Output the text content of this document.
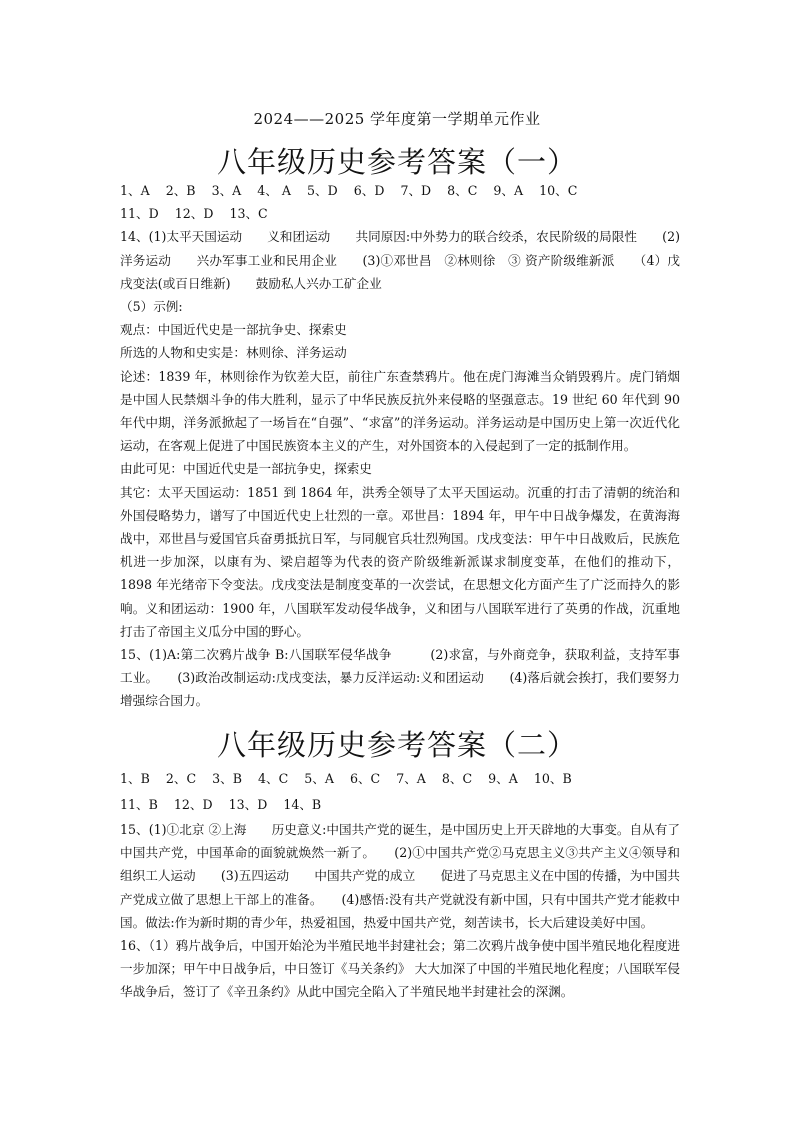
2024——2025 学年度第一学期单元作业
八年级历史参考答案（一）
1、A 2、B 3、A 4、 A 5、D 6、D 7、D 8、C 9、A 10、C
11、D 12、D 13、C

14、(1)太平天国运动　　义和团运动　　共同原因:中外势力的联合绞杀，农民阶级的局限性　　(2)洋务运动　　兴办军事工业和民用企业　　(3)①邓世昌　②林则徐　③ 资产阶级维新派　　（4）戊戌变法(或百日维新)　　鼓励私人兴办工矿企业

（5）示例:

观点：中国近代史是一部抗争史、探索史

所选的人物和史实是：林则徐、洋务运动

论述：1839 年，林则徐作为钦差大臣，前往广东查禁鸦片。他在虎门海滩当众销毁鸦片。虎门销烟是中国人民禁烟斗争的伟大胜利，显示了中华民族反抗外来侵略的坚强意志。19 世纪 60 年代到 90 年代中期，洋务派掀起了一场旨在“自强”、“求富”的洋务运动。洋务运动是中国历史上第一次近代化运动，在客观上促进了中国民族资本主义的产生，对外国资本的入侵起到了一定的抵制作用。

由此可见：中国近代史是一部抗争史，探索史

其它：太平天国运动：1851 到 1864 年，洪秀全领导了太平天国运动。沉重的打击了清朝的统治和外国侵略势力，谱写了中国近代史上壮烈的一章。邓世昌：1894 年，甲午中日战争爆发，在黄海海战中，邓世昌与爱国官兵奋勇抵抗日军，与同舰官兵壮烈殉国。戊戌变法：甲午中日战败后，民族危机进一步加深，以康有为、梁启超等为代表的资产阶级维新派谋求制度变革，在他们的推动下，1898 年光绪帝下令变法。戊戌变法是制度变革的一次尝试，在思想文化方面产生了广泛而持久的影响。义和团运动：1900 年，八国联军发动侵华战争，义和团与八国联军进行了英勇的作战，沉重地打击了帝国主义瓜分中国的野心。

15、(1)A:第二次鸦片战争 B:八国联军侵华战争　　　(2)求富，与外商竞争，获取利益，支持军事工业。　　(3)政治改制运动:戊戌变法，暴力反洋运动:义和团运动　　(4)落后就会挨打，我们要努力增强综合国力。

八年级历史参考答案（二）
1、B 2、C 3、B 4、C 5、A 6、C 7、A 8、C 9、A 10、B
11、B 12、D 13、D 14、B

15、(1)①北京 ②上海　　历史意义:中国共产党的诞生，是中国历史上开天辟地的大事变。自从有了中国共产党，中国革命的面貌就焕然一新了。　　(2)①中国共产党②马克思主义③共产主义④领导和组织工人运动　　(3)五四运动　　中国共产党的成立　　促进了马克思主义在中国的传播，为中国共产党成立做了思想上干部上的准备。　　(4)感悟:没有共产党就没有新中国，只有中国共产党才能救中国。做法:作为新时期的青少年，热爱祖国，热爱中国共产党，刻苦读书，长大后建设美好中国。

16、（1）鸦片战争后，中国开始沦为半殖民地半封建社会；第二次鸦片战争使中国半殖民地化程度进一步加深；甲午中日战争后，中日签订《马关条约》 大大加深了中国的半殖民地化程度；八国联军侵华战争后，签订了《辛丑条约》从此中国完全陷入了半殖民地半封建社会的深渊。
